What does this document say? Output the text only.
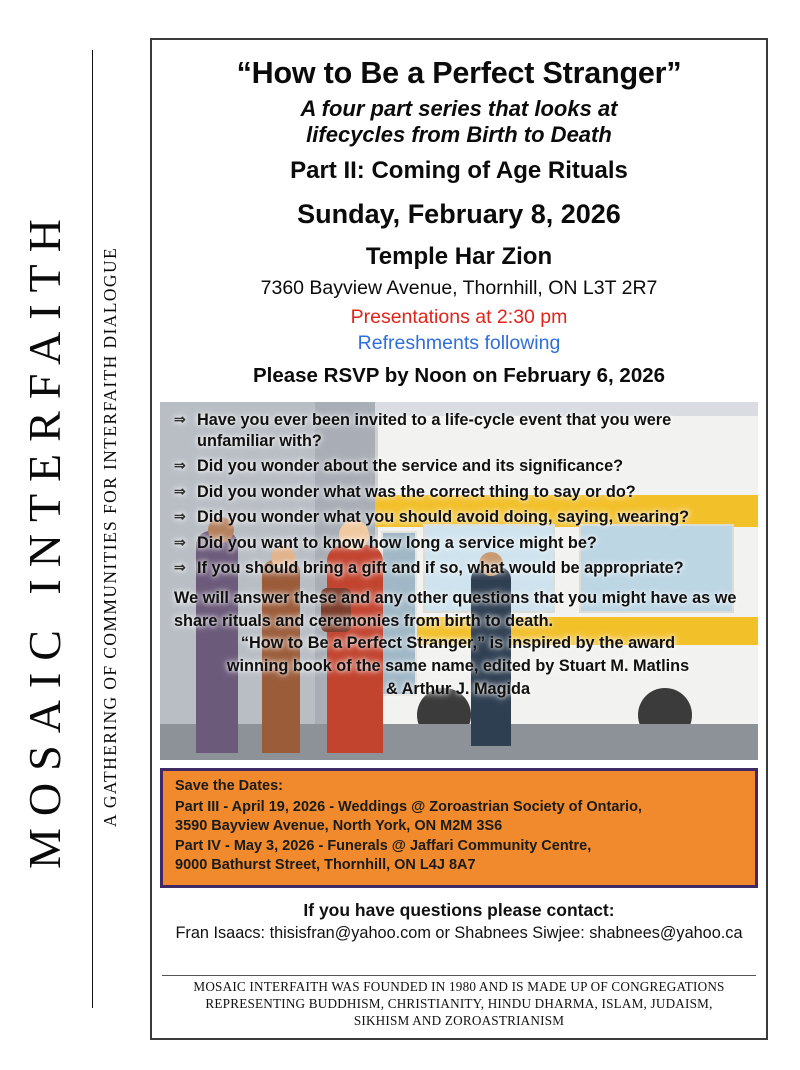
MOSAIC INTERFAITH	A GATHERING OF COMMUNITIES FOR INTERFAITH DIALOGUE
“How to Be a Perfect Stranger”
A four part series that looks at
lifecycles from Birth to Death
Part II: Coming of Age Rituals
Sunday, February 8, 2026
Temple Har Zion
7360 Bayview Avenue, Thornhill, ON L3T 2R7
Presentations at 2:30 pm
Refreshments following
Please RSVP by Noon on February 6, 2026
⇒ Have you ever been invited to a life-cycle event that you were unfamiliar with?
⇒ Did you wonder about the service and its significance?
⇒ Did you wonder what was the correct thing to say or do?
⇒ Did you wonder what you should avoid doing, saying, wearing?
⇒ Did you want to know how long a service might be?
⇒ If you should bring a gift and if so, what would be appropriate?
We will answer these and any other questions that you might have as we share rituals and ceremonies from birth to death.
“How to Be a Perfect Stranger,” is inspired by the award
winning book of the same name, edited by Stuart M. Matlins
& Arthur J. Magida
Save the Dates:
Part III - April 19, 2026 - Weddings @ Zoroastrian Society of Ontario,
3590 Bayview Avenue, North York, ON M2M 3S6
Part IV - May 3, 2026 - Funerals @ Jaffari Community Centre,
9000 Bathurst Street, Thornhill, ON L4J 8A7
If you have questions please contact:
Fran Isaacs: thisisfran@yahoo.com or Shabnees Siwjee: shabnees@yahoo.ca
MOSAIC INTERFAITH WAS FOUNDED IN 1980 AND IS MADE UP OF CONGREGATIONS
REPRESENTING BUDDHISM, CHRISTIANITY, HINDU DHARMA, ISLAM, JUDAISM,
SIKHISM AND ZOROASTRIANISM
